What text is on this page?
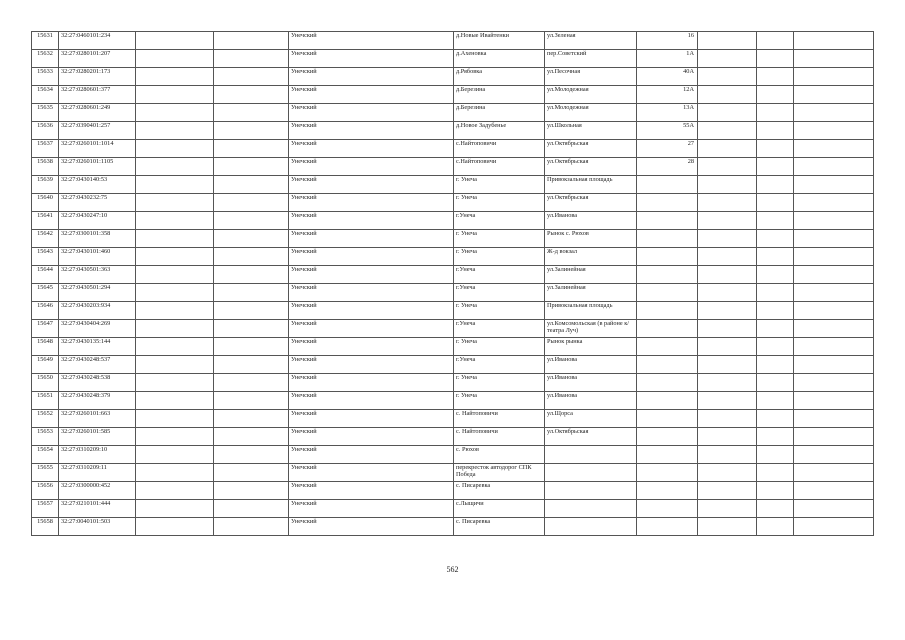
15631	32:27:0460101:234			Унечский	д.Новые Ивайтенки	ул.Зеленая	16			
15632	32:27:0280101:207			Унечский	д.Ахеновка	пер.Советский	1А			
15633	32:27:0280201:173			Унечский	д.Рябовка	ул.Песочная	40А			
15634	32:27:0280601:377			Унечский	д.Березина	ул.Молодежная	12А			
15635	32:27:0280601:249			Унечский	д.Березина	ул.Молодежная	13А			
15636	32:27:0390401:257			Унечский	д.Новое Задубенье	ул.Школьная	55А			
15637	32:27:0260101:1014			Унечский	с.Найтоповичи	ул.Октябрьская	27			
15638	32:27:0260101:1105			Унечский	с.Найтоповичи	ул.Октябрьская	28			
15639	32:27:0430140:53			Унечский	г. Унеча	Привокзальная площадь				
15640	32:27:0430232:75			Унечский	г. Унеча	ул.Октябрьская				
15641	32:27:0430247:10			Унечский	г.Унеча	ул.Иванова				
15642	32:27:0300101:358			Унечский	г. Унеча	Рынок с. Рюхов				
15643	32:27:0430101:460			Унечский	г. Унеча	Ж-д вокзал				
15644	32:27:0430501:363			Унечский	г.Унеча	ул.Залинейная				
15645	32:27:0430501:294			Унечский	г.Унеча	ул.Залинейная				
15646	32:27:0430203:934			Унечский	г. Унеча	Привокзальная площадь				
15647	32:27:0430404:269			Унечский	г.Унеча	ул.Комсомольская (в районе к/театра Луч)				
15648	32:27:0430135:144			Унечский	г. Унеча	Рынок рынка				
15649	32:27:0430248:537			Унечский	г.Унеча	ул.Иванова				
15650	32:27:0430248:538			Унечский	г. Унеча	ул.Иванова				
15651	32:27:0430248:379			Унечский	г. Унеча	ул.Иванова				
15652	32:27:0260101:663			Унечский	с. Найтоповичи	ул.Щорса				
15653	32:27:0260101:585			Унечский	с. Найтоповичи	ул.Октябрьская				
15654	32:27:0310209:10			Унечский	с. Рюхов					
15655	32:27:0310209:11			Унечский	перекресток автодорог СПК Победа					
15656	32:27:0300000:452			Унечский	с. Писаревка					
15657	32:27:0210101:444			Унечский	с.Лыщичи					
15658	32:27:0040101:503			Унечский	с. Писаревка					
562
